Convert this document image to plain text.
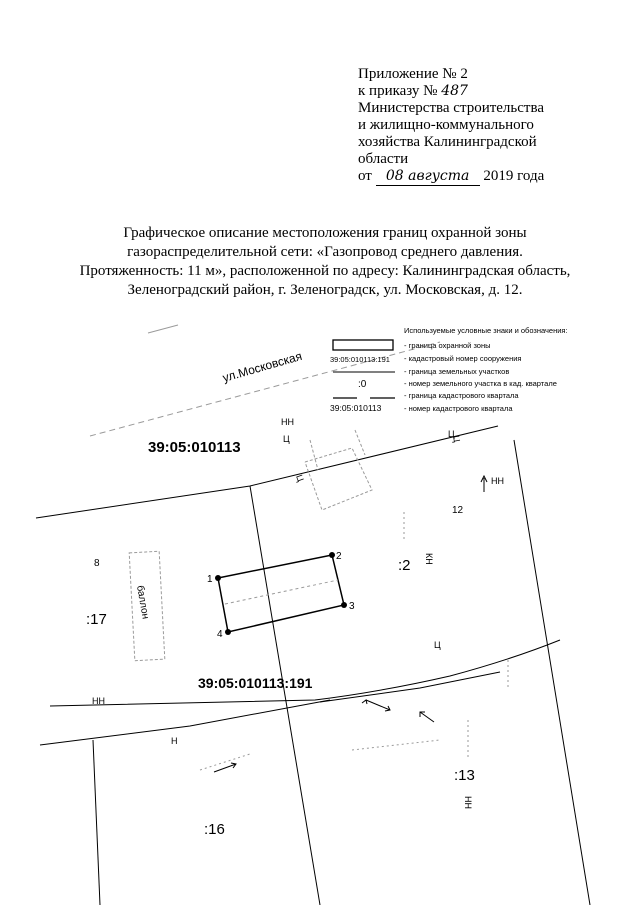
Приложение № 2
к приказу № 487
Министерства строительства
и жилищно-коммунального
хозяйства Калининградской
области
от 08 августа 2019 года
Графическое описание местоположения границ охранной зоны
газораспределительной сети: «Газопровод среднего давления.
Протяженность: 11 м», расположенной по адресу: Калининградская область,
Зеленоградский район, г. Зеленоградск, ул. Московская, д. 12.
ул.Московская
Используемые условные знаки и обозначения:
- граница охранной зоны
39:05:010113:191 - кадастровый номер сооружения
- граница земельных участков
:0	- номер земельного участка в кад. квартале
- граница кадастрового квартала
39:05:010113	- номер кадастрового квартала
39:05:010113
баллон
1
2
3
4
39:05:010113:191
:2
:17
:13
:16
8
12
КН
НН
НН
НН
НН
Н
Ц	Ц
Ц
Ц
Ц
